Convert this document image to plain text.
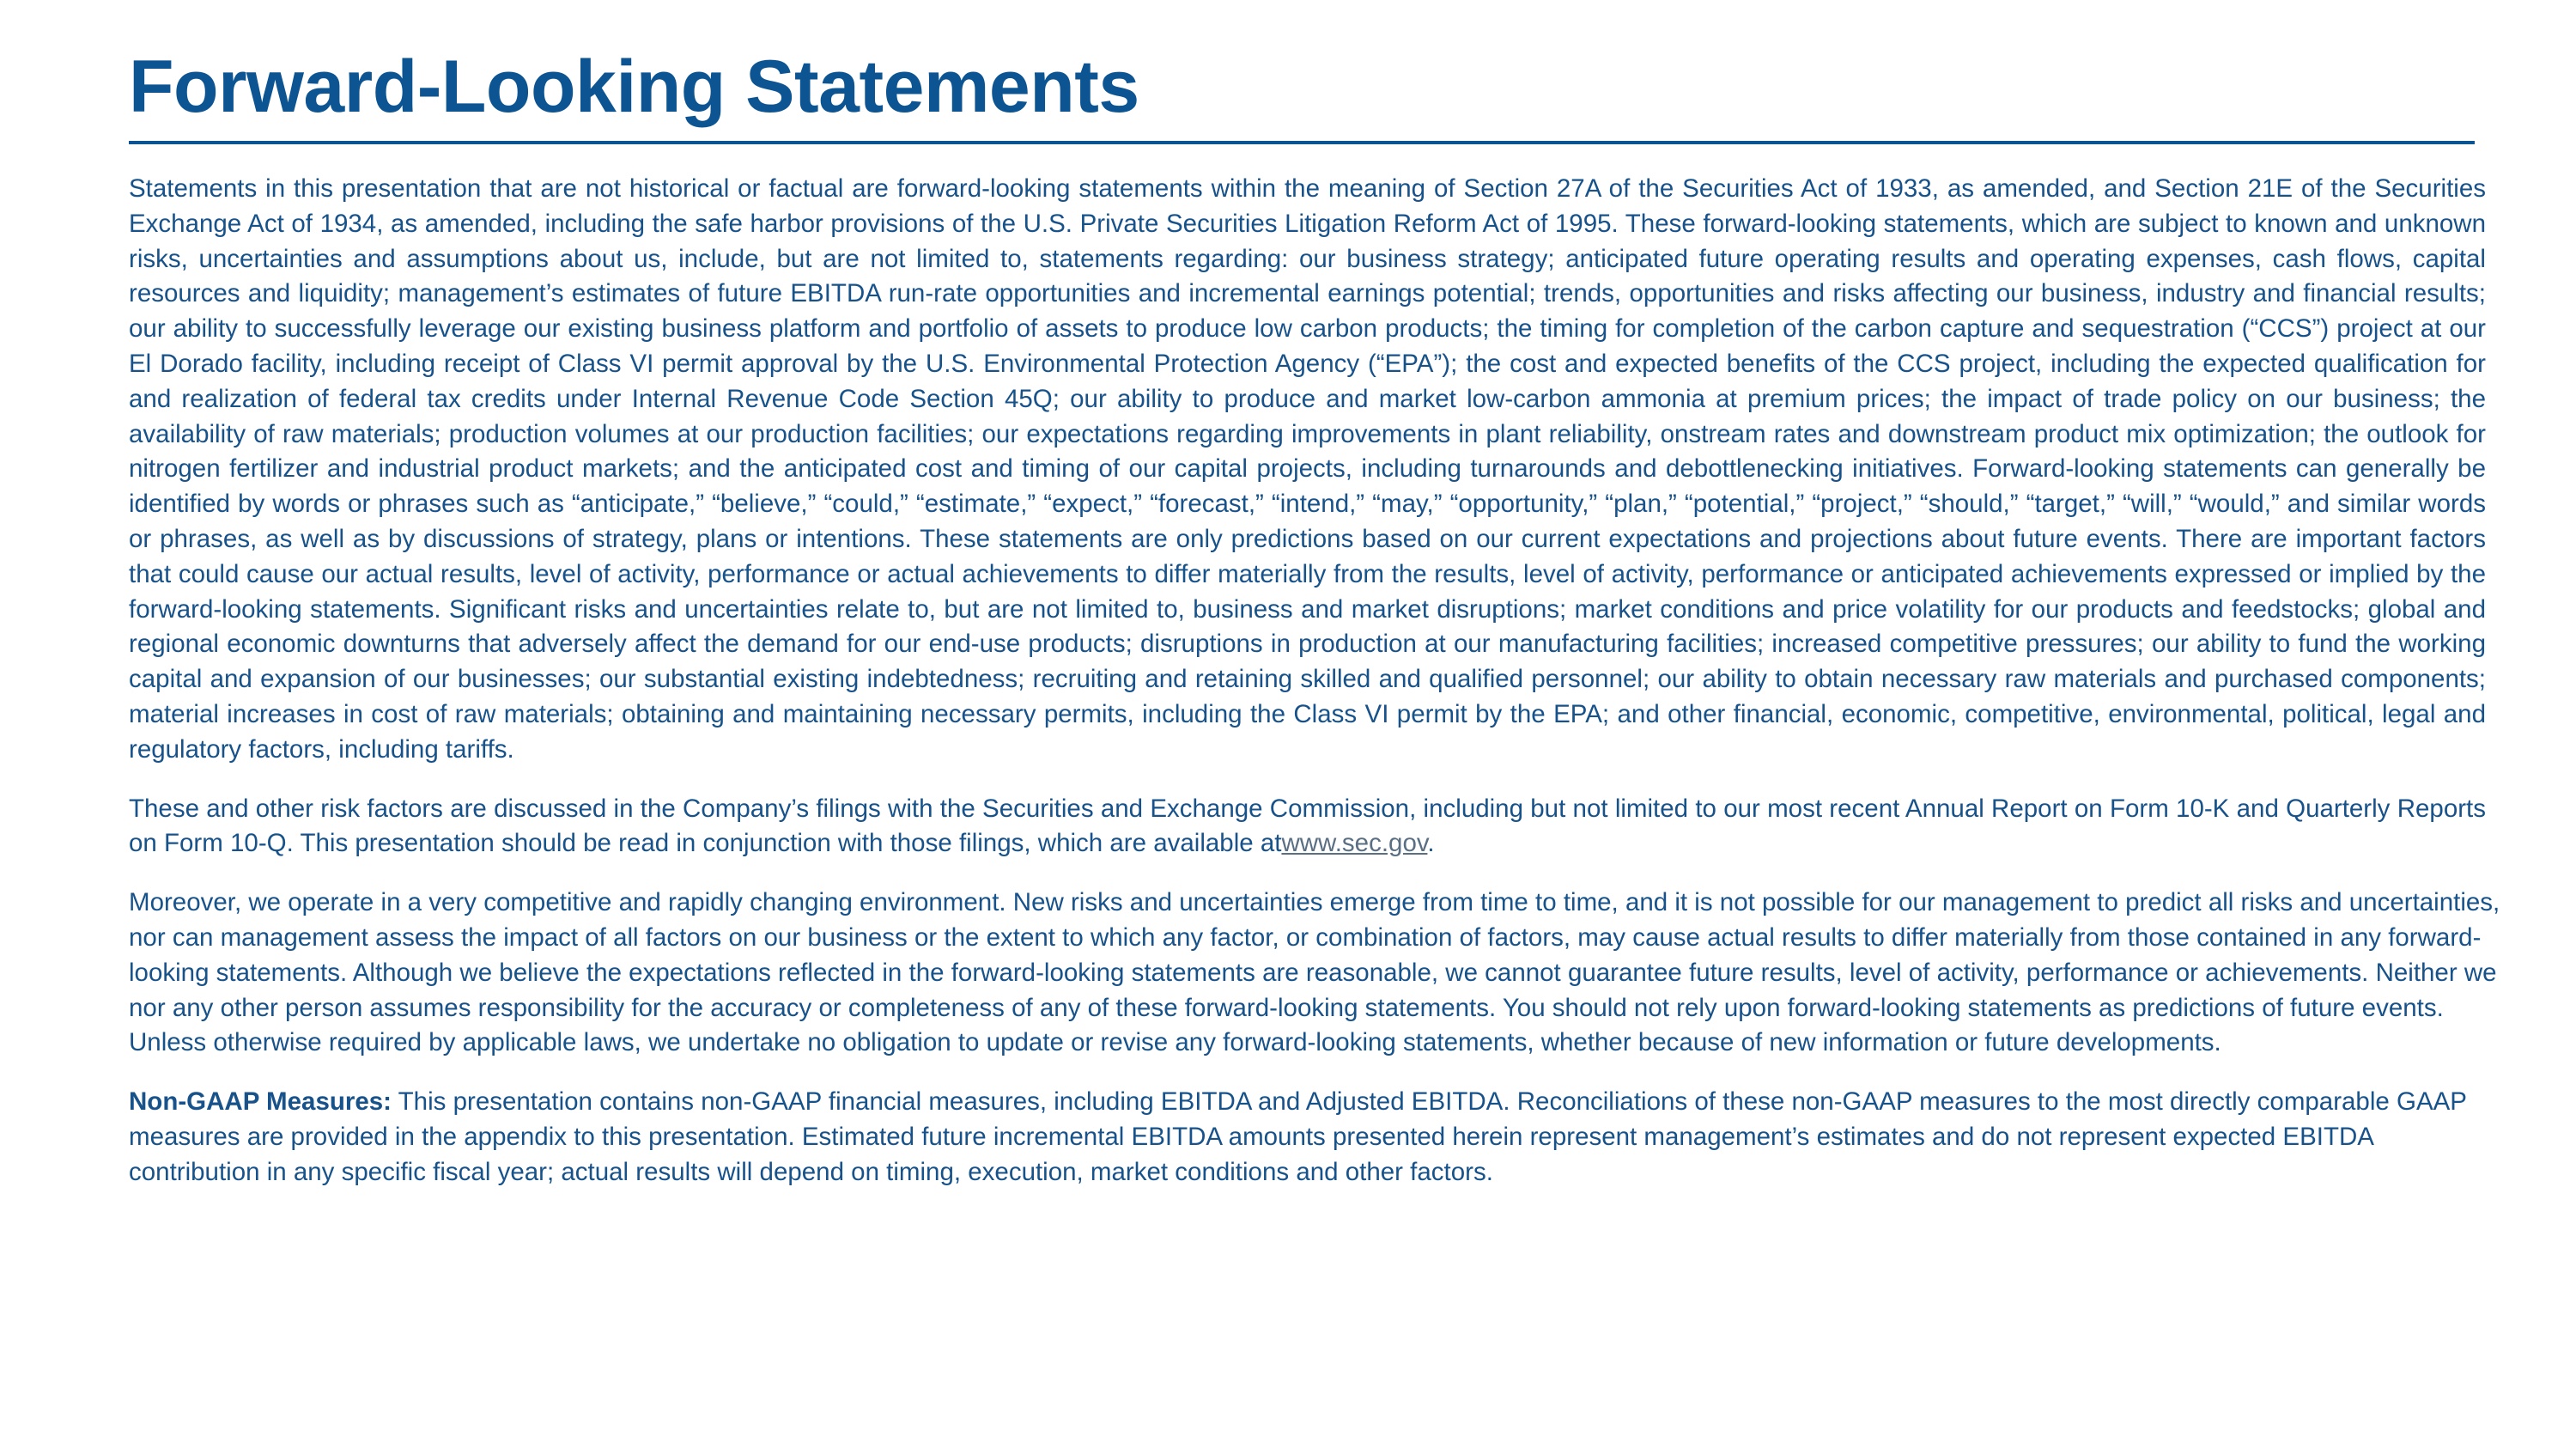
Forward-Looking Statements

Statements in this presentation that are not historical or factual are forward-looking statements within the meaning of Section 27A of the Securities Act of 1933, as amended, and Section 21E of the Securities Exchange Act of 1934, as amended, including the safe harbor provisions of the U.S. Private Securities Litigation Reform Act of 1995. These forward-looking statements, which are subject to known and unknown risks, uncertainties and assumptions about us, include, but are not limited to, statements regarding: our business strategy; anticipated future operating results and operating expenses, cash flows, capital resources and liquidity; management’s estimates of future EBITDA run-rate opportunities and incremental earnings potential; trends, opportunities and risks affecting our business, industry and financial results; our ability to successfully leverage our existing business platform and portfolio of assets to produce low carbon products; the timing for completion of the carbon capture and sequestration (“CCS”) project at our El Dorado facility, including receipt of Class VI permit approval by the U.S. Environmental Protection Agency (“EPA”); the cost and expected benefits of the CCS project, including the expected qualification for and realization of federal tax credits under Internal Revenue Code Section 45Q; our ability to produce and market low-carbon ammonia at premium prices; the impact of trade policy on our business; the availability of raw materials; production volumes at our production facilities; our expectations regarding improvements in plant reliability, onstream rates and downstream product mix optimization; the outlook for nitrogen fertilizer and industrial product markets; and the anticipated cost and timing of our capital projects, including turnarounds and debottlenecking initiatives. Forward-looking statements can generally be identified by words or phrases such as “anticipate,” “believe,” “could,” “estimate,” “expect,” “forecast,” “intend,” “may,” “opportunity,” “plan,” “potential,” “project,” “should,” “target,” “will,” “would,” and similar words or phrases, as well as by discussions of strategy, plans or intentions. These statements are only predictions based on our current expectations and projections about future events. There are important factors that could cause our actual results, level of activity, performance or actual achievements to differ materially from the results, level of activity, performance or anticipated achievements expressed or implied by the forward-looking statements. Significant risks and uncertainties relate to, but are not limited to, business and market disruptions; market conditions and price volatility for our products and feedstocks; global and regional economic downturns that adversely affect the demand for our end-use products; disruptions in production at our manufacturing facilities; increased competitive pressures; our ability to fund the working capital and expansion of our businesses; our substantial existing indebtedness; recruiting and retaining skilled and qualified personnel; our ability to obtain necessary raw materials and purchased components; material increases in cost of raw materials; obtaining and maintaining necessary permits, including the Class VI permit by the EPA; and other financial, economic, competitive, environmental, political, legal and regulatory factors, including tariffs.

These and other risk factors are discussed in the Company’s filings with the Securities and Exchange Commission, including but not limited to our most recent Annual Report on Form 10-K and Quarterly Reports on Form 10-Q. This presentation should be read in conjunction with those filings, which are available atwww.sec.gov.

Moreover, we operate in a very competitive and rapidly changing environment. New risks and uncertainties emerge from time to time, and it is not possible for our management to predict all risks and uncertainties, nor can management assess the impact of all factors on our business or the extent to which any factor, or combination of factors, may cause actual results to differ materially from those contained in any forward-looking statements. Although we believe the expectations reflected in the forward-looking statements are reasonable, we cannot guarantee future results, level of activity, performance or achievements. Neither we nor any other person assumes responsibility for the accuracy or completeness of any of these forward-looking statements. You should not rely upon forward-looking statements as predictions of future events. Unless otherwise required by applicable laws, we undertake no obligation to update or revise any forward-looking statements, whether because of new information or future developments.

Non-GAAP Measures: This presentation contains non-GAAP financial measures, including EBITDA and Adjusted EBITDA. Reconciliations of these non-GAAP measures to the most directly comparable GAAP measures are provided in the appendix to this presentation. Estimated future incremental EBITDA amounts presented herein represent management’s estimates and do not represent expected EBITDA contribution in any specific fiscal year; actual results will depend on timing, execution, market conditions and other factors.
